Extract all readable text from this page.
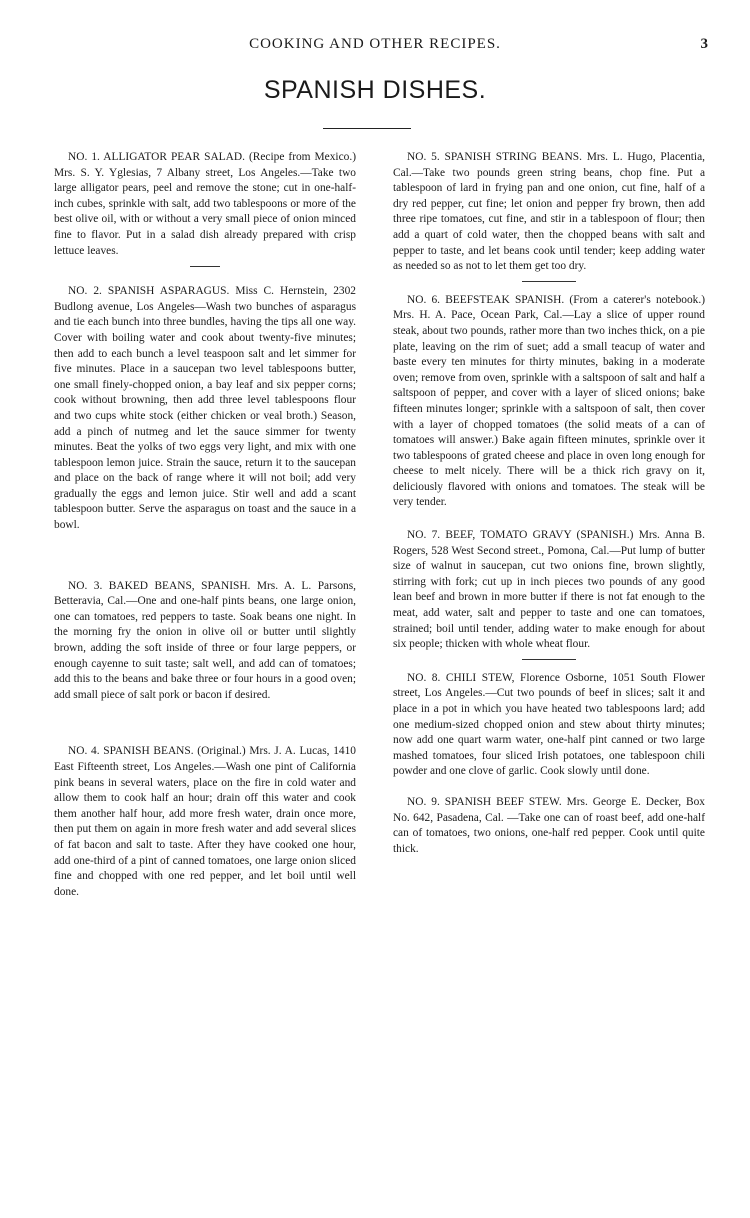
COOKING AND OTHER RECIPES.	3
SPANISH DISHES.

NO. 1. ALLIGATOR PEAR SALAD. (Recipe from Mexico.) Mrs. S. Y. Yglesias, 7 Albany street, Los Angeles.—Take two large alligator pears, peel and remove the stone; cut in one-half-inch cubes, sprinkle with salt, add two tablespoons or more of the best olive oil, with or without a very small piece of onion minced fine to flavor. Put in a salad dish already prepared with crisp lettuce leaves.

NO. 2. SPANISH ASPARAGUS. Miss C. Hernstein, 2302 Budlong avenue, Los Angeles—Wash two bunches of asparagus and tie each bunch into three bundles, having the tips all one way. Cover with boiling water and cook about twenty-five minutes; then add to each bunch a level teaspoon salt and let simmer for five minutes. Place in a saucepan two level tablespoons butter, one small finely-chopped onion, a bay leaf and six pepper corns; cook without browning, then add three level tablespoons flour and two cups white stock (either chicken or veal broth.) Season, add a pinch of nutmeg and let the sauce simmer for twenty minutes. Beat the yolks of two eggs very light, and mix with one tablespoon lemon juice. Strain the sauce, return it to the saucepan and place on the back of range where it will not boil; add very gradually the eggs and lemon juice. Stir well and add a scant tablespoon butter. Serve the asparagus on toast and the sauce in a bowl.

NO. 3. BAKED BEANS, SPANISH. Mrs. A. L. Parsons, Betteravia, Cal.—One and one-half pints beans, one large onion, one can tomatoes, red peppers to taste. Soak beans one night. In the morning fry the onion in olive oil or butter until slightly brown, adding the soft inside of three or four large peppers, or enough cayenne to suit taste; salt well, and add can of tomatoes; add this to the beans and bake three or four hours in a good oven; add small piece of salt pork or bacon if desired.

NO. 4. SPANISH BEANS. (Original.) Mrs. J. A. Lucas, 1410 East Fifteenth street, Los Angeles.—Wash one pint of California pink beans in several waters, place on the fire in cold water and allow them to cook half an hour; drain off this water and cook them another half hour, add more fresh water, drain once more, then put them on again in more fresh water and add several slices of fat bacon and salt to taste. After they have cooked one hour, add one-third of a pint of canned tomatoes, one large onion sliced fine and chopped with one red pepper, and let boil until well done.

NO. 5. SPANISH STRING BEANS. Mrs. L. Hugo, Placentia, Cal.—Take two pounds green string beans, chop fine. Put a tablespoon of lard in frying pan and one onion, cut fine, half of a dry red pepper, cut fine; let onion and pepper fry brown, then add three ripe tomatoes, cut fine, and stir in a tablespoon of flour; then add a quart of cold water, then the chopped beans with salt and pepper to taste, and let beans cook until tender; keep adding water as needed so as not to let them get too dry.

NO. 6. BEEFSTEAK SPANISH. (From a caterer's notebook.) Mrs. H. A. Pace, Ocean Park, Cal.—Lay a slice of upper round steak, about two pounds, rather more than two inches thick, on a pie plate, leaving on the rim of suet; add a small teacup of water and baste every ten minutes for thirty minutes, baking in a moderate oven; remove from oven, sprinkle with a saltspoon of salt and half a saltspoon of pepper, and cover with a layer of sliced onions; bake fifteen minutes longer; sprinkle with a saltspoon of salt, then cover with a layer of chopped tomatoes (the solid meats of a can of tomatoes will answer.) Bake again fifteen minutes, sprinkle over it two tablespoons of grated cheese and place in oven long enough for cheese to melt nicely. There will be a thick rich gravy on it, deliciously flavored with onions and tomatoes. The steak will be very tender.

NO. 7. BEEF, TOMATO GRAVY (SPANISH.) Mrs. Anna B. Rogers, 528 West Second street., Pomona, Cal.—Put lump of butter size of walnut in saucepan, cut two onions fine, brown slightly, stirring with fork; cut up in inch pieces two pounds of any good lean beef and brown in more butter if there is not fat enough to the meat, add water, salt and pepper to taste and one can tomatoes, strained; boil until tender, adding water to make enough for about six people; thicken with whole wheat flour.

NO. 8. CHILI STEW, Florence Osborne, 1051 South Flower street, Los Angeles.—Cut two pounds of beef in slices; salt it and place in a pot in which you have heated two tablespoons lard; add one medium-sized chopped onion and stew about thirty minutes; now add one quart warm water, one-half pint canned or two large mashed tomatoes, four sliced Irish potatoes, one tablespoon chili powder and one clove of garlic. Cook slowly until done.

NO. 9. SPANISH BEEF STEW. Mrs. George E. Decker, Box No. 642, Pasadena, Cal. —Take one can of roast beef, add one-half can of tomatoes, two onions, one-half red pepper. Cook until quite thick.
